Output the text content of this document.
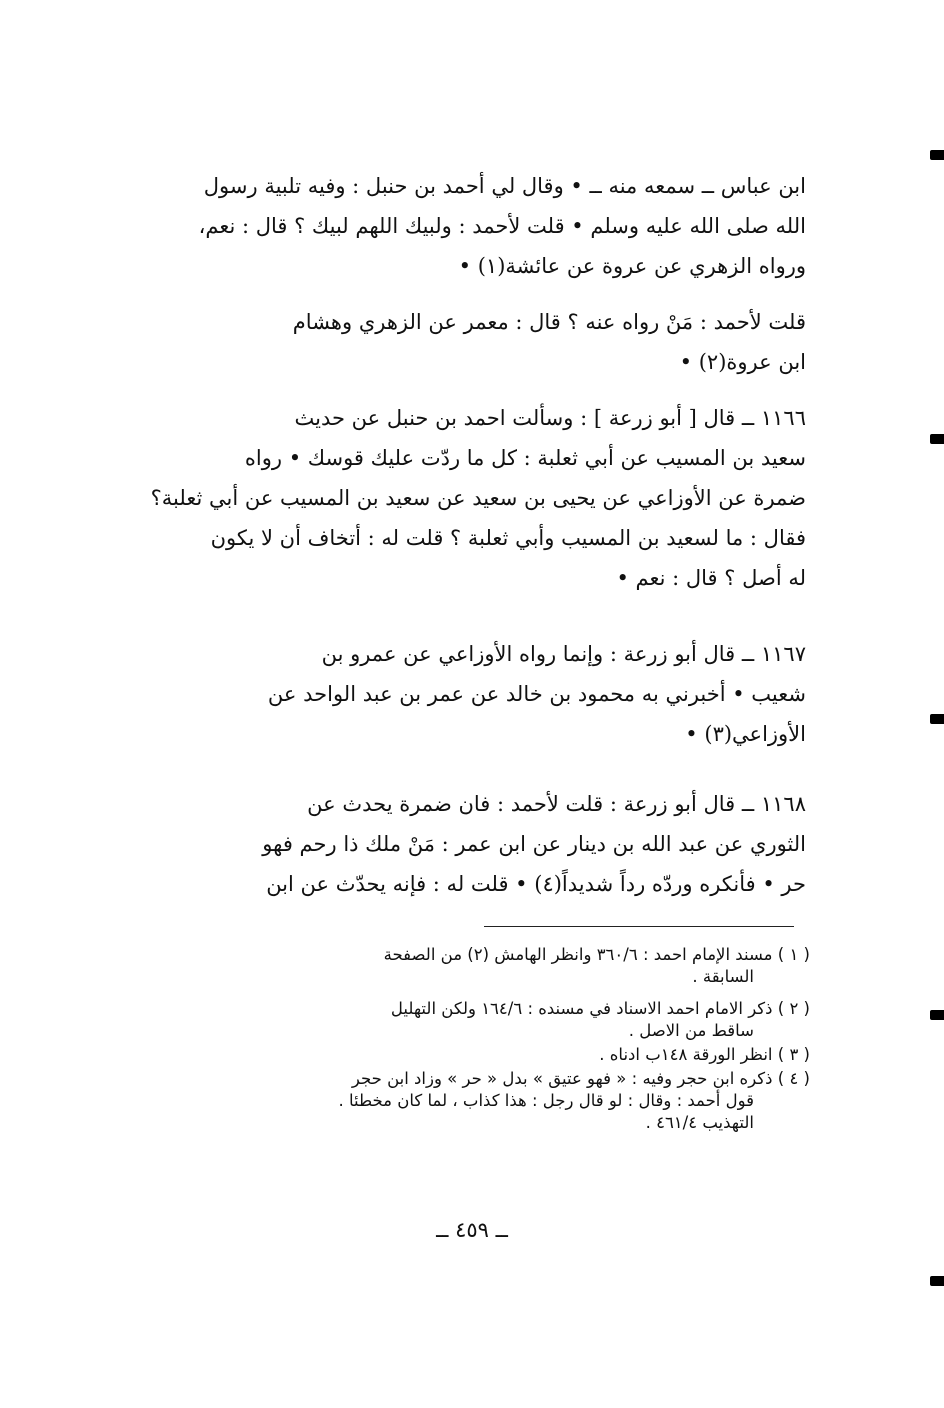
ابن عباس ــ سمعه منه ــ • وقال لي أحمد بن حنبل : وفيه تلبية رسول
الله صلى الله عليه وسلم • قلت لأحمد : ولبيك اللهم لبيك ؟ قال : نعم،
ورواه الزهري عن عروة عن عائشة(١) •
قلت لأحمد : مَنْ رواه عنه ؟ قال : معمر عن الزهري وهشام
ابن عروة(٢) •
١١٦٦ ــ قال [ أبو زرعة ] : وسألت احمد بن حنبل عن حديث
سعيد بن المسيب عن أبي ثعلبة : كل ما ردّت عليك قوسك • رواه
ضمرة عن الأوزاعي عن يحيى بن سعيد عن سعيد بن المسيب عن أبي ثعلبة؟
فقال : ما لسعيد بن المسيب وأبي ثعلبة ؟ قلت له : أتخاف أن لا يكون
له أصل ؟ قال : نعم •
١١٦٧ ــ قال أبو زرعة : وإنما رواه الأوزاعي عن عمرو بن
شعيب • أخبرني به محمود بن خالد عن عمر بن عبد الواحد عن
الأوزاعي(٣) •
١١٦٨ ــ قال أبو زرعة : قلت لأحمد : فان ضمرة يحدث عن
الثوري عن عبد الله بن دينار عن ابن عمر : مَنْ ملك ذا رحم فهو
حر • فأنكره وردّه رداً شديداً(٤) • قلت له : فإنه يحدّث عن ابن
( ١ ) مسند الإمام احمد : ٣٦٠/٦ وانظر الهامش (٢) من الصفحة
السابقة .
( ٢ ) ذكر الامام احمد الاسناد في مسنده : ١٦٤/٦ ولكن التهليل
ساقط من الاصل .
( ٣ ) انظر الورقة ١٤٨ب ادناه .
( ٤ ) ذكره ابن حجر وفيه : « فهو عتيق » بدل « حر » وزاد ابن حجر
قول أحمد : وقال : لو قال رجل : هذا كذاب ، لما كان مخطئا .
التهذيب ٤٦١/٤ .
ــ ٤٥٩ ــ
